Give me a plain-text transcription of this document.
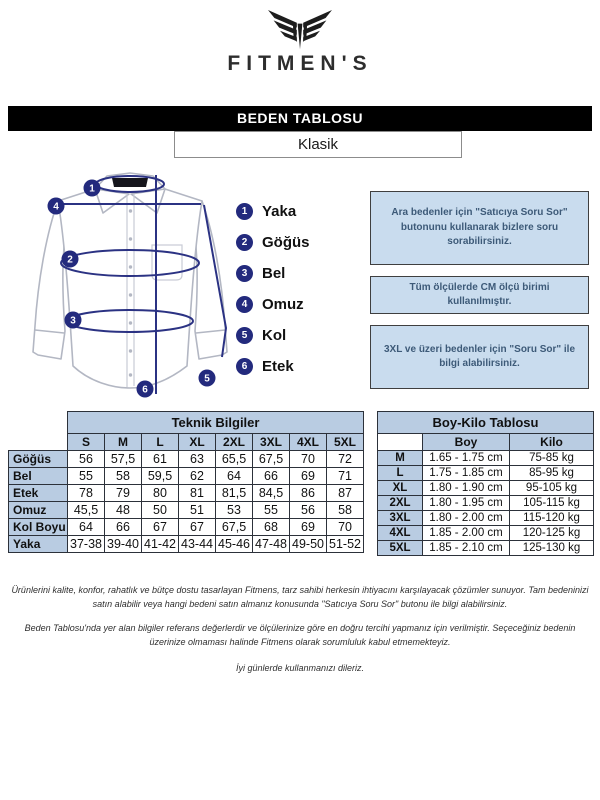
FITMEN'S
BEDEN TABLOSU
Klasik
1
4
2
3
5
6
1 Yaka
2 Göğüs
3 Bel
4 Omuz
5 Kol
6 Etek
Ara bedenler için "Satıcıya Soru Sor" butonunu kullanarak bizlere soru sorabilirsiniz.
Tüm ölçülerde CM ölçü birimi kullanılmıştır.
3XL ve üzeri bedenler için "Soru Sor" ile bilgi alabilirsiniz.
	Teknik Bilgiler							
	S	M	L	XL	2XL	3XL	4XL	5XL
Göğüs	56	57,5	61	63	65,5	67,5	70	72
Bel	55	58	59,5	62	64	66	69	71
Etek	78	79	80	81	81,5	84,5	86	87
Omuz	45,5	48	50	51	53	55	56	58
Kol Boyu	64	66	67	67	67,5	68	69	70
Yaka	37-38	39-40	41-42	43-44	45-46	47-48	49-50	51-52
Boy-Kilo Tablosu		
	Boy	Kilo
M	1.65 - 1.75 cm	75-85 kg
L	1.75 - 1.85 cm	85-95 kg
XL	1.80 - 1.90 cm	95-105 kg
2XL	1.80 - 1.95 cm	105-115 kg
3XL	1.80 - 2.00 cm	115-120 kg
4XL	1.85 - 2.00 cm	120-125 kg
5XL	1.85 - 2.10 cm	125-130 kg
Ürünlerini kalite, konfor, rahatlık ve bütçe dostu tasarlayan Fitmens, tarz sahibi herkesin ihtiyacını karşılayacak çözümler sunuyor. Tam bedeninizi satın alabilir veya hangi bedeni satın almanız konusunda "Satıcıya Soru Sor" butonu ile bilgi alabilirsiniz.
Beden Tablosu'nda yer alan bilgiler referans değerlerdir ve ölçülerinize göre en doğru tercihi yapmanız için verilmiştir. Seçeceğiniz bedenin üzerinize olmaması halinde Fitmens olarak sorumluluk kabul etmemekteyiz.
İyi günlerde kullanmanızı dileriz.
